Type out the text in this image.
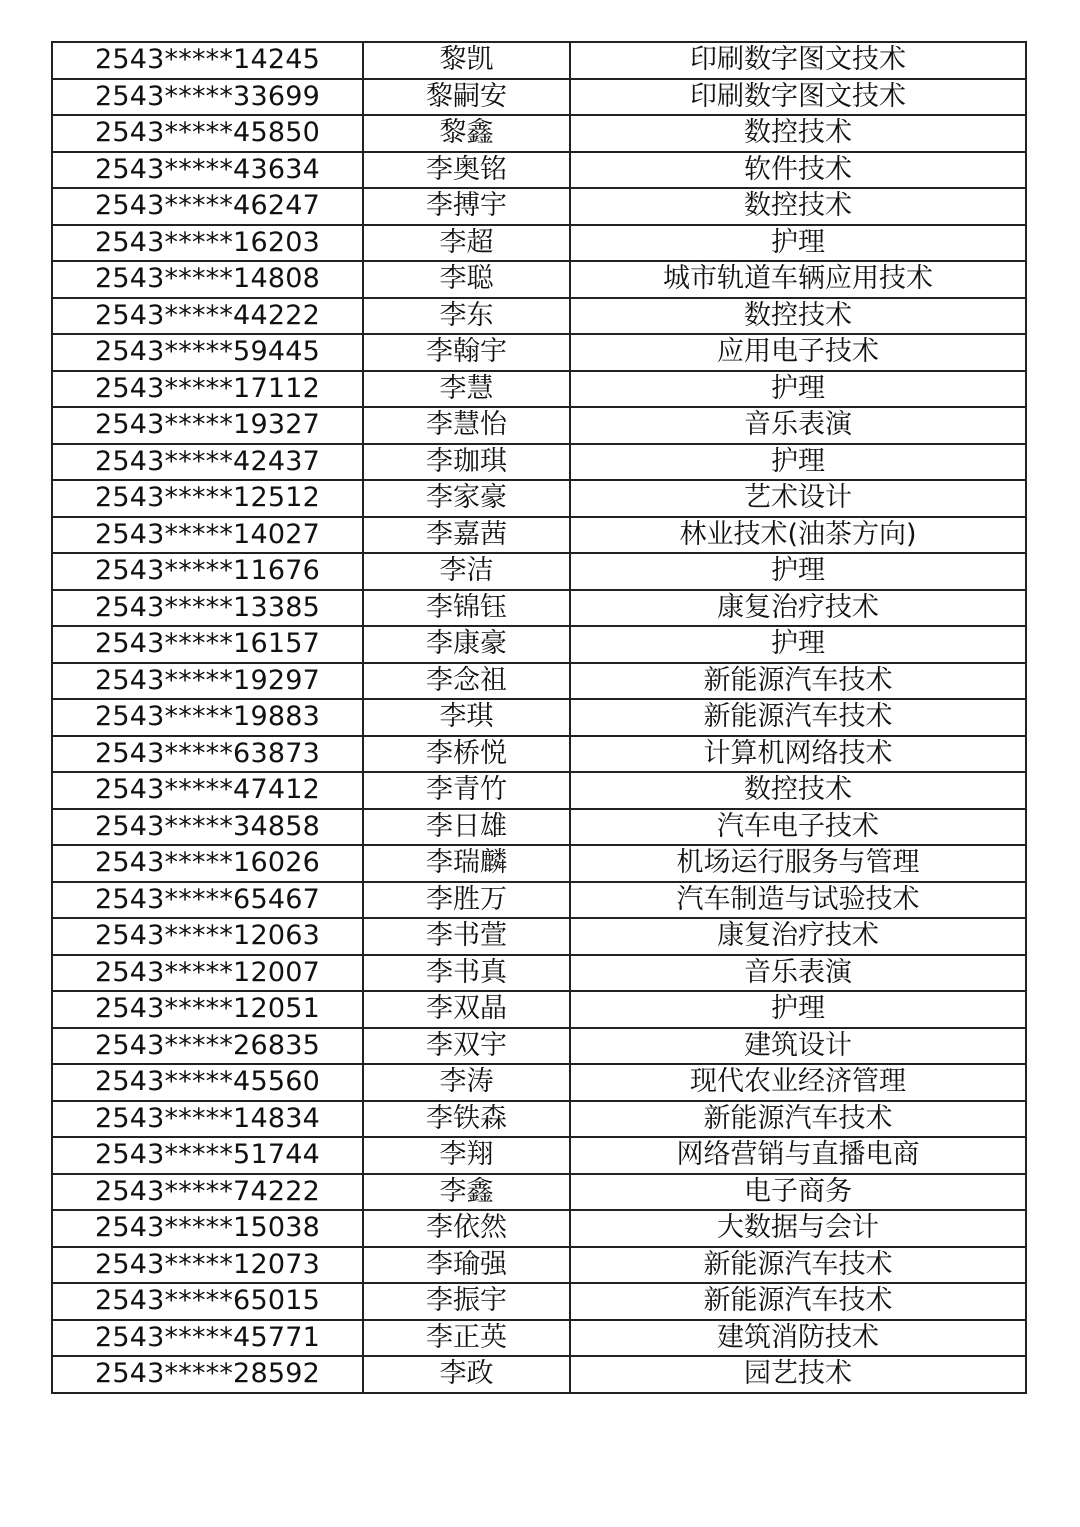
2543*****14245	黎凯	印刷数字图文技术
2543*****33699	黎嗣安	印刷数字图文技术
2543*****45850	黎鑫	数控技术
2543*****43634	李奥铭	软件技术
2543*****46247	李搏宇	数控技术
2543*****16203	李超	护理
2543*****14808	李聪	城市轨道车辆应用技术
2543*****44222	李东	数控技术
2543*****59445	李翰宇	应用电子技术
2543*****17112	李慧	护理
2543*****19327	李慧怡	音乐表演
2543*****42437	李珈琪	护理
2543*****12512	李家豪	艺术设计
2543*****14027	李嘉茜	林业技术(油茶方向)
2543*****11676	李洁	护理
2543*****13385	李锦钰	康复治疗技术
2543*****16157	李康豪	护理
2543*****19297	李念祖	新能源汽车技术
2543*****19883	李琪	新能源汽车技术
2543*****63873	李桥悦	计算机网络技术
2543*****47412	李青竹	数控技术
2543*****34858	李日雄	汽车电子技术
2543*****16026	李瑞麟	机场运行服务与管理
2543*****65467	李胜万	汽车制造与试验技术
2543*****12063	李书萱	康复治疗技术
2543*****12007	李书真	音乐表演
2543*****12051	李双晶	护理
2543*****26835	李双宇	建筑设计
2543*****45560	李涛	现代农业经济管理
2543*****14834	李铁森	新能源汽车技术
2543*****51744	李翔	网络营销与直播电商
2543*****74222	李鑫	电子商务
2543*****15038	李依然	大数据与会计
2543*****12073	李瑜强	新能源汽车技术
2543*****65015	李振宇	新能源汽车技术
2543*****45771	李正英	建筑消防技术
2543*****28592	李政	园艺技术
